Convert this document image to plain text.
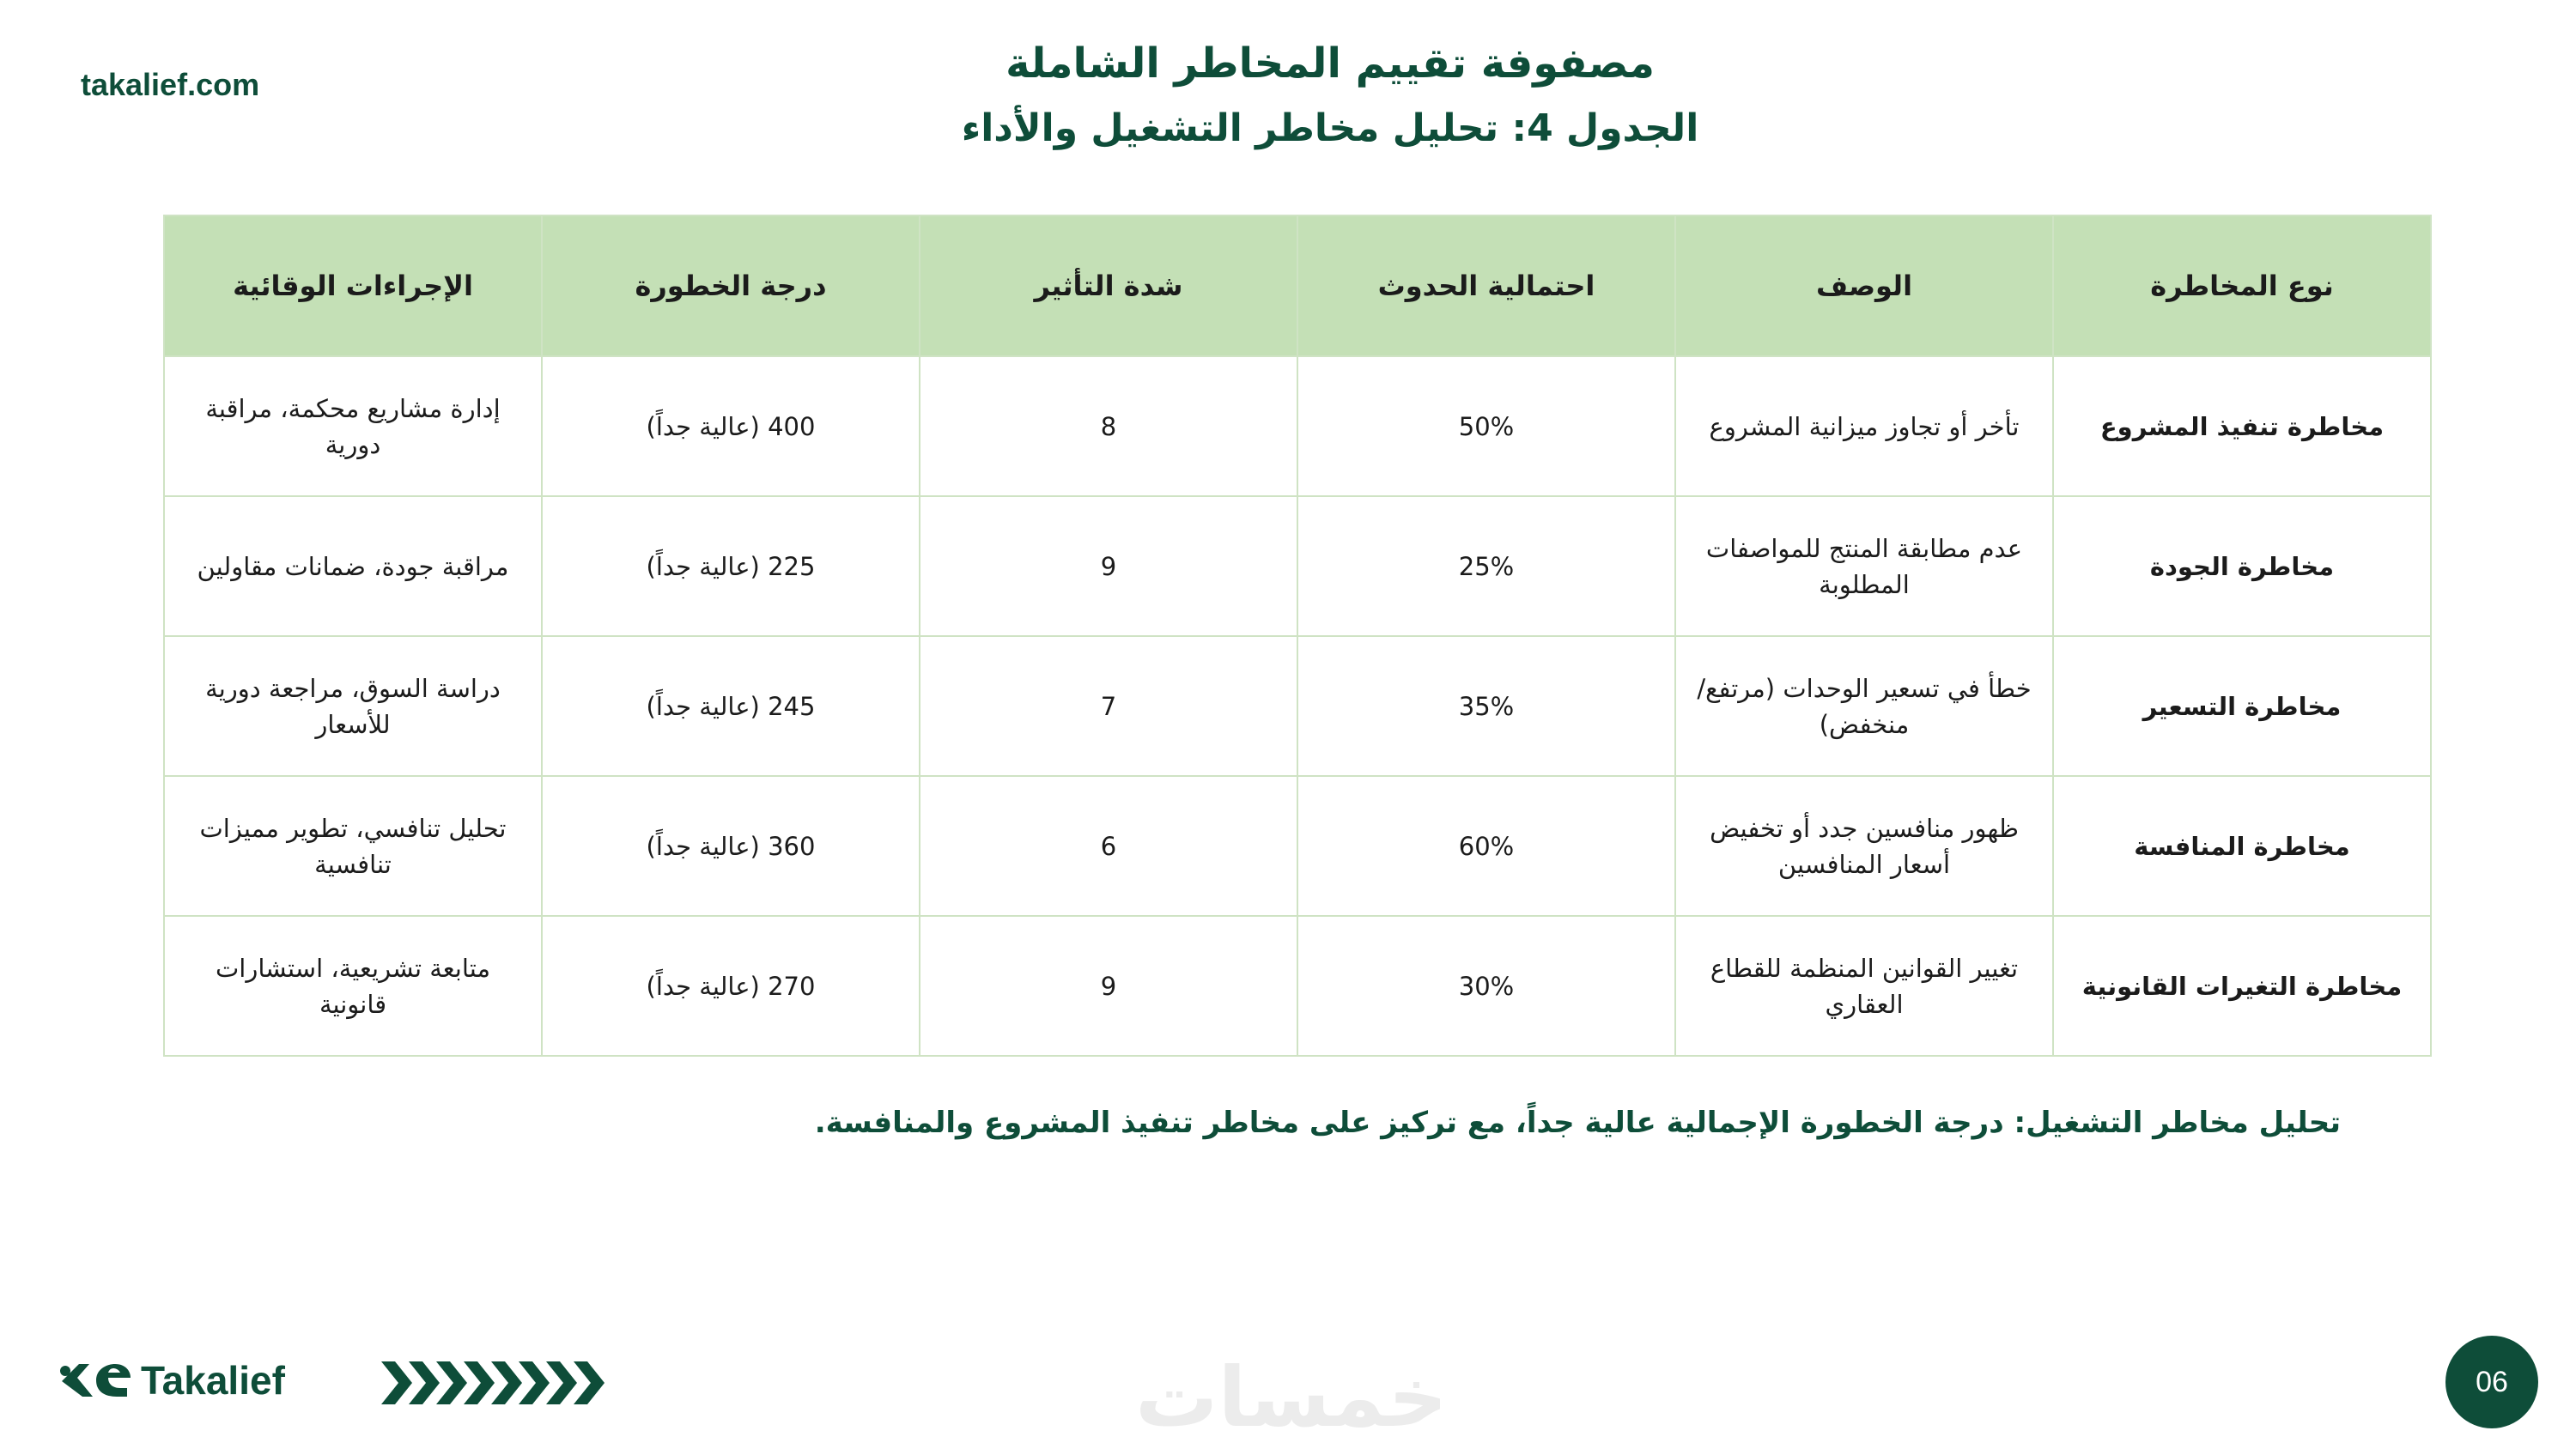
takalief.com	مصفوفة تقييم المخاطر الشاملة
الجدول 4: تحليل مخاطر التشغيل والأداء
نوع المخاطرة	الوصف	احتمالية الحدوث	شدة التأثير	درجة الخطورة	الإجراءات الوقائية
مخاطرة تنفيذ المشروع	تأخر أو تجاوز ميزانية المشروع	50%	8	400 (عالية جداً)	إدارة مشاريع محكمة، مراقبة دورية
مخاطرة الجودة	عدم مطابقة المنتج للمواصفات المطلوبة	25%	9	225 (عالية جداً)	مراقبة جودة، ضمانات مقاولين
مخاطرة التسعير	خطأ في تسعير الوحدات (مرتفع/منخفض)	35%	7	245 (عالية جداً)	دراسة السوق، مراجعة دورية للأسعار
مخاطرة المنافسة	ظهور منافسين جدد أو تخفيض أسعار المنافسين	60%	6	360 (عالية جداً)	تحليل تنافسي، تطوير مميزات تنافسية
مخاطرة التغيرات القانونية	تغيير القوانين المنظمة للقطاع العقاري	30%	9	270 (عالية جداً)	متابعة تشريعية، استشارات قانونية
تحليل مخاطر التشغيل: درجة الخطورة الإجمالية عالية جداً، مع تركيز على مخاطر تنفيذ المشروع والمنافسة.
Takalief	خمسات	06
